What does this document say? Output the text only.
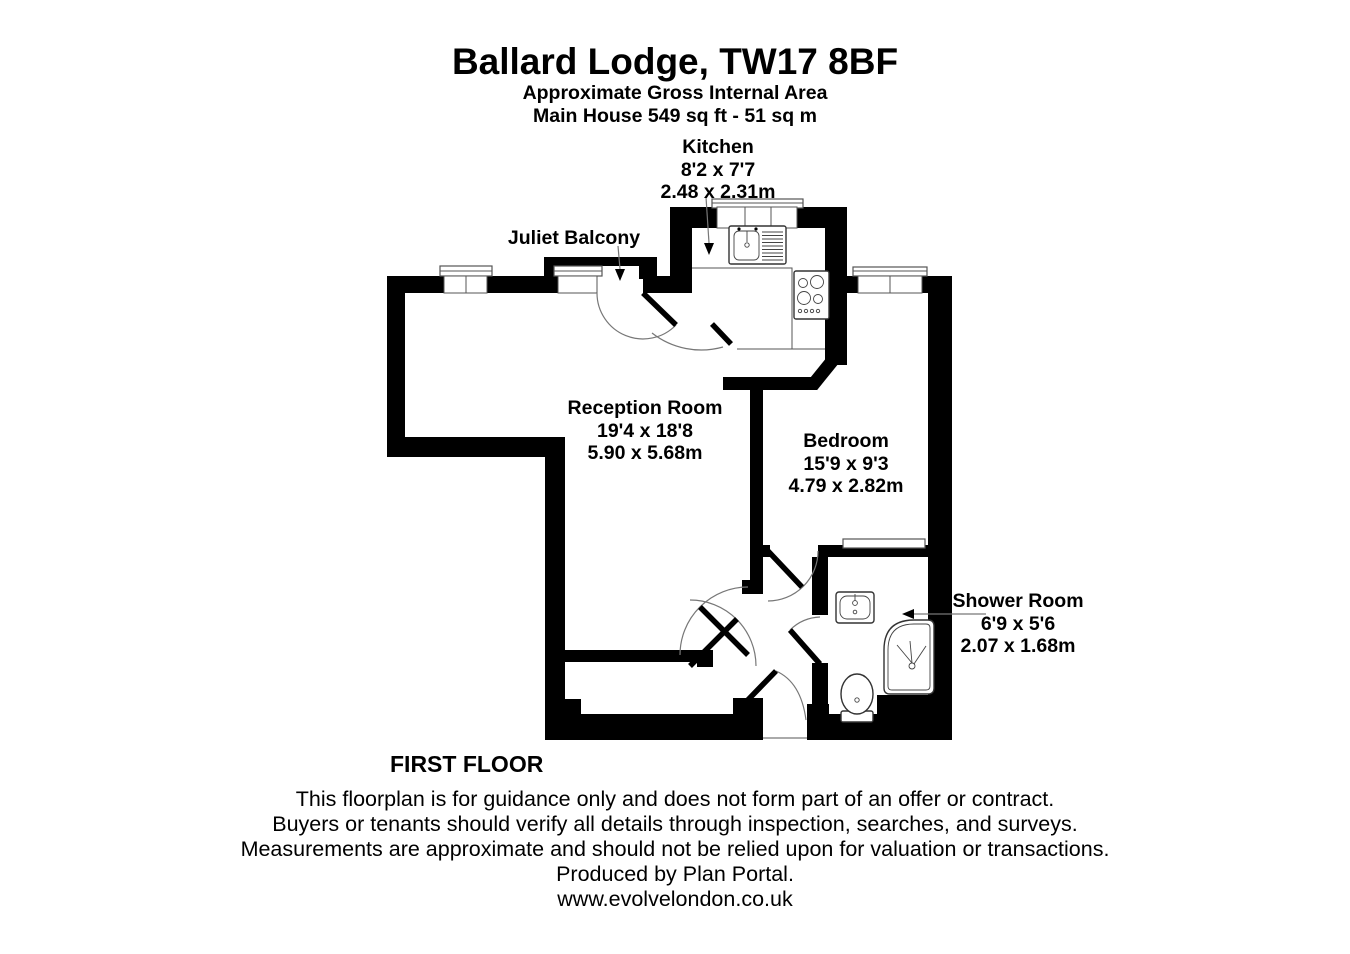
Ballard Lodge, TW17 8BF
Approximate Gross Internal Area
Main House 549 sq ft - 51 sq m
Kitchen
8'2 x 7'7
2.48 x 2.31m
Juliet Balcony
Reception Room
19'4 x 18'8
5.90 x 5.68m
Bedroom
15'9 x 9'3
4.79 x 2.82m
Shower Room
6'9 x 5'6
2.07 x 1.68m
FIRST FLOOR
This floorplan is for guidance only and does not form part of an offer or contract.
Buyers or tenants should verify all details through inspection, searches, and surveys.
Measurements are approximate and should not be relied upon for valuation or transactions.
Produced by Plan Portal.
www.evolvelondon.co.uk
